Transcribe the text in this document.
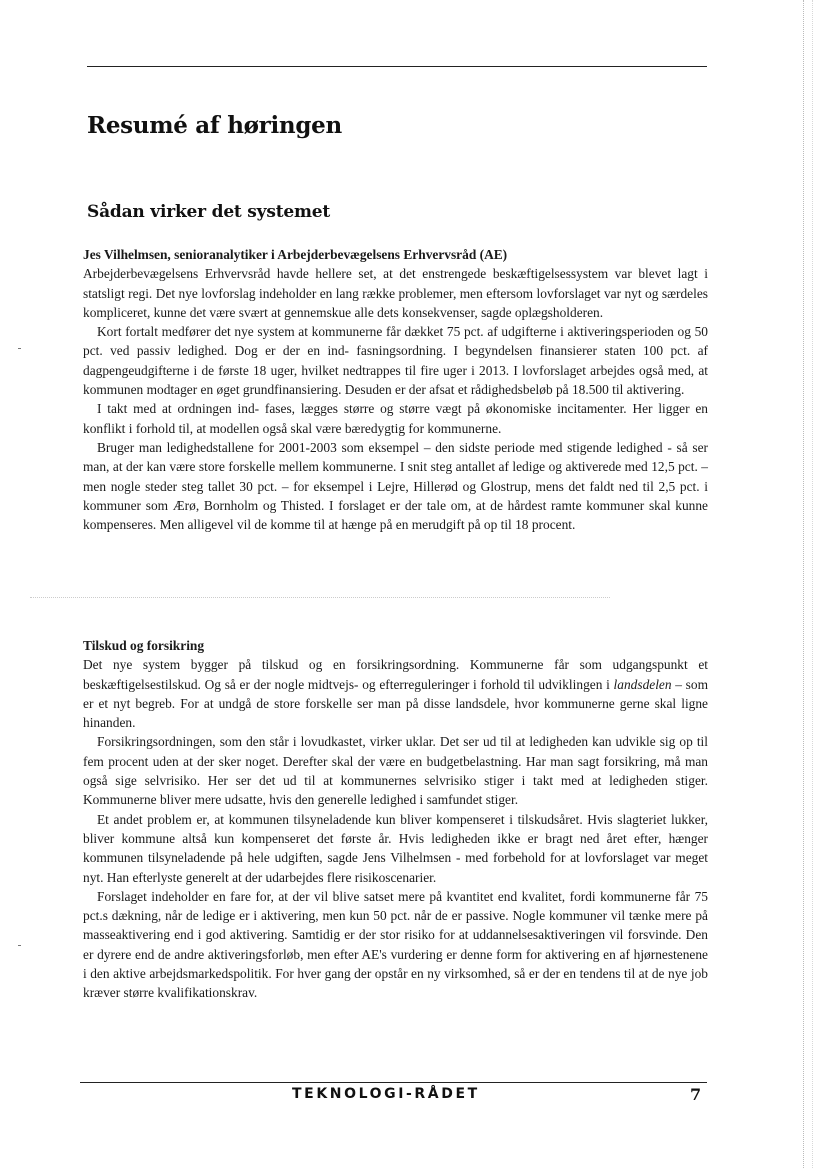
Resumé af høringen
Sådan virker det systemet
Jes Vilhelmsen, senioranalytiker i Arbejderbevægelsens Erhvervsråd (AE)

Arbejderbevægelsens Erhvervsråd havde hellere set, at det enstrengede beskæftigelsessystem var blevet lagt i statsligt regi. Det nye lovforslag indeholder en lang række problemer, men eftersom lovforslaget var nyt og særdeles kompliceret, kunne det være svært at gennemskue alle dets konsekvenser, sagde oplægsholderen.

Kort fortalt medfører det nye system at kommunerne får dækket 75 pct. af udgifterne i aktiveringsperioden og 50 pct. ved passiv ledighed. Dog er der en ind- fasningsordning. I begyndelsen finansierer staten 100 pct. af dagpengeudgifterne i de første 18 uger, hvilket nedtrappes til fire uger i 2013. I lovforslaget arbejdes også med, at kommunen modtager en øget grundfinansiering. Desuden er der afsat et rådighedsbeløb på 18.500 til aktivering.

I takt med at ordningen ind- fases, lægges større og større vægt på økonomiske incitamenter. Her ligger en konflikt i forhold til, at modellen også skal være bæredygtig for kommunerne.

Bruger man ledighedstallene for 2001-2003 som eksempel – den sidste periode med stigende ledighed - så ser man, at der kan være store forskelle mellem kommunerne. I snit steg antallet af ledige og aktiverede med 12,5 pct. – men nogle steder steg tallet 30 pct. – for eksempel i Lejre, Hillerød og Glostrup, mens det faldt ned til 2,5 pct. i kommuner som Ærø, Bornholm og Thisted. I forslaget er der tale om, at de hårdest ramte kommuner skal kunne kompenseres. Men alligevel vil de komme til at hænge på en merudgift på op til 18 procent.

Tilskud og forsikring

Det nye system bygger på tilskud og en forsikringsordning. Kommunerne får som udgangspunkt et beskæftigelsestilskud. Og så er der nogle midtvejs- og efterreguleringer i forhold til udviklingen i landsdelen – som er et nyt begreb. For at undgå de store forskelle ser man på disse landsdele, hvor kommunerne gerne skal ligne hinanden.

Forsikringsordningen, som den står i lovudkastet, virker uklar. Det ser ud til at ledigheden kan udvikle sig op til fem procent uden at der sker noget. Derefter skal der være en budgetbelastning. Har man sagt forsikring, må man også sige selvrisiko. Her ser det ud til at kommunernes selvrisiko stiger i takt med at ledigheden stiger. Kommunerne bliver mere udsatte, hvis den generelle ledighed i samfundet stiger.

Et andet problem er, at kommunen tilsyneladende kun bliver kompenseret i tilskudsåret. Hvis slagteriet lukker, bliver kommune altså kun kompenseret det første år. Hvis ledigheden ikke er bragt ned året efter, hænger kommunen tilsyneladende på hele udgiften, sagde Jens Vilhelmsen - med forbehold for at lovforslaget var meget nyt. Han efterlyste generelt at der udarbejdes flere risikoscenarier.

Forslaget indeholder en fare for, at der vil blive satset mere på kvantitet end kvalitet, fordi kommunerne får 75 pct.s dækning, når de ledige er i aktivering, men kun 50 pct. når de er passive. Nogle kommuner vil tænke mere på masseaktivering end i god aktivering. Samtidig er der stor risiko for at uddannelsesaktiveringen vil forsvinde. Den er dyrere end de andre aktiveringsforløb, men efter AE's vurdering er denne form for aktivering en af hjørnestenene i den aktive arbejdsmarkedspolitik. For hver gang der opstår en ny virksomhed, så er der en tendens til at de nye job kræver større kvalifikationskrav.

TEKNOLOGI-RÅDET	7
